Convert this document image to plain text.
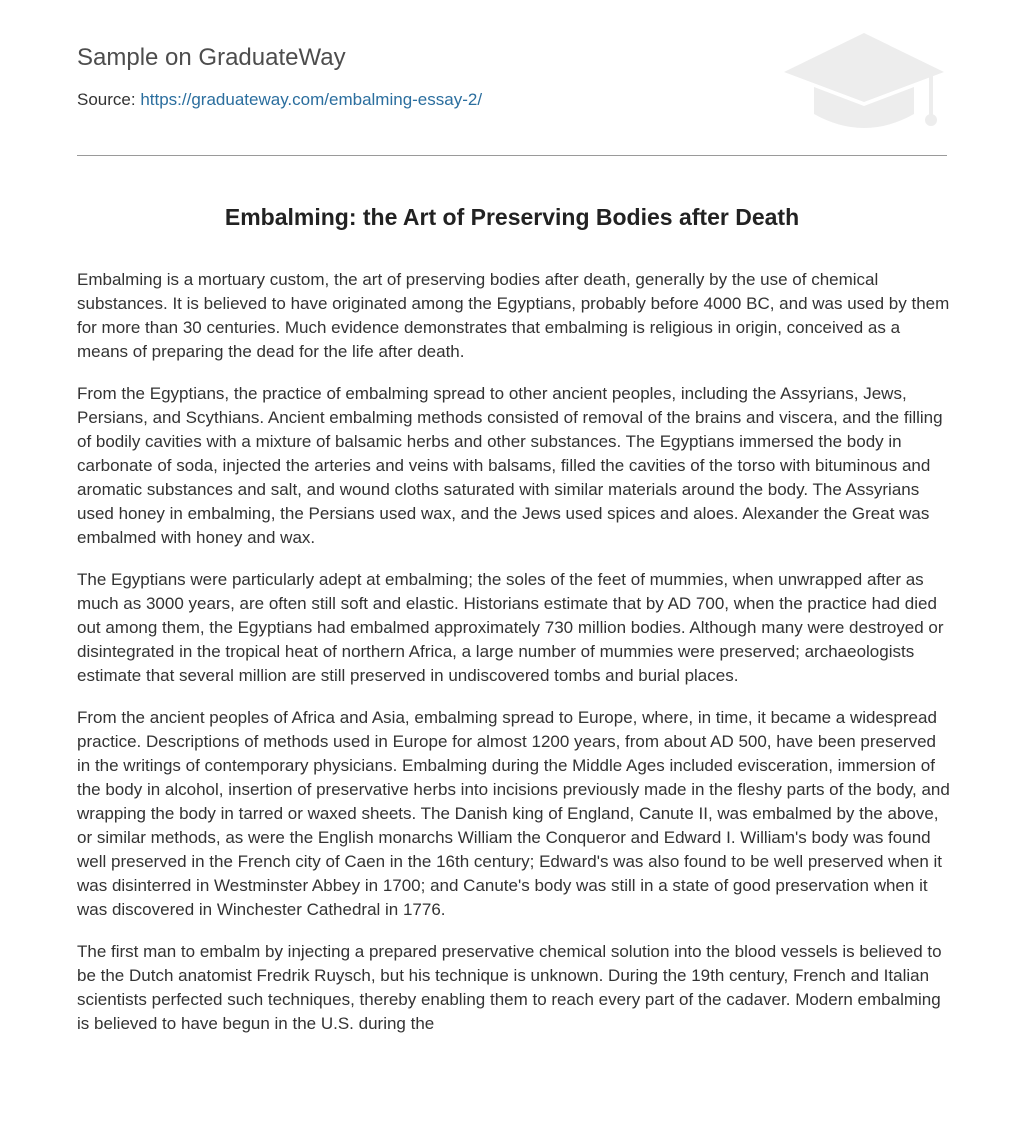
Sample on GraduateWay
Source: https://graduateway.com/embalming-essay-2/
Embalming: the Art of Preserving Bodies after Death

Embalming is a mortuary custom, the art of preserving bodies after death, generally by the use of chemical substances. It is believed to have originated among the Egyptians, probably before 4000 BC, and was used by them for more than 30 centuries. Much evidence demonstrates that embalming is religious in origin, conceived as a means of preparing the dead for the life after death.

From the Egyptians, the practice of embalming spread to other ancient peoples, including the Assyrians, Jews, Persians, and Scythians. Ancient embalming methods consisted of removal of the brains and viscera, and the filling of bodily cavities with a mixture of balsamic herbs and other substances. The Egyptians immersed the body in carbonate of soda, injected the arteries and veins with balsams, filled the cavities of the torso with bituminous and aromatic substances and salt, and wound cloths saturated with similar materials around the body. The Assyrians used honey in embalming, the Persians used wax, and the Jews used spices and aloes. Alexander the Great was embalmed with honey and wax.

The Egyptians were particularly adept at embalming; the soles of the feet of mummies, when unwrapped after as much as 3000 years, are often still soft and elastic. Historians estimate that by AD 700, when the practice had died out among them, the Egyptians had embalmed approximately 730 million bodies. Although many were destroyed or disintegrated in the tropical heat of northern Africa, a large number of mummies were preserved; archaeologists estimate that several million are still preserved in undiscovered tombs and burial places.

From the ancient peoples of Africa and Asia, embalming spread to Europe, where, in time, it became a widespread practice. Descriptions of methods used in Europe for almost 1200 years, from about AD 500, have been preserved in the writings of contemporary physicians. Embalming during the Middle Ages included evisceration, immersion of the body in alcohol, insertion of preservative herbs into incisions previously made in the fleshy parts of the body, and wrapping the body in tarred or waxed sheets. The Danish king of England, Canute II, was embalmed by the above, or similar methods, as were the English monarchs William the Conqueror and Edward I. William's body was found well preserved in the French city of Caen in the 16th century; Edward's was also found to be well preserved when it was disinterred in Westminster Abbey in 1700; and Canute's body was still in a state of good preservation when it was discovered in Winchester Cathedral in 1776.

The first man to embalm by injecting a prepared preservative chemical solution into the blood vessels is believed to be the Dutch anatomist Fredrik Ruysch, but his technique is unknown. During the 19th century, French and Italian scientists perfected such techniques, thereby enabling them to reach every part of the cadaver. Modern embalming is believed to have begun in the U.S. during the
